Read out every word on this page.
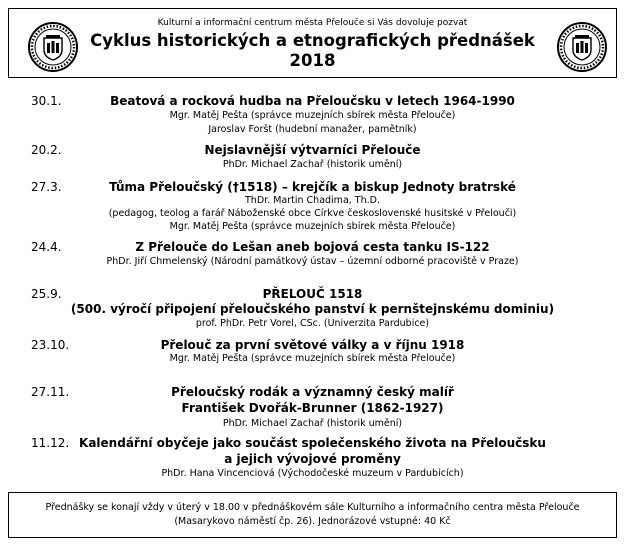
Kulturní a informační centrum města Přelouče si Vás dovoluje pozvat
Cyklus historických a etnografických přednášek
2018
30.1.	Beatová a rocková hudba na Přeloučsku v letech 1964-1990
Mgr. Matěj Pešta (správce muzejních sbírek města Přelouče)
Jaroslav Foršt (hudební manažer, pamětník)
20.2.	Nejslavnější výtvarníci Přelouče
PhDr. Michael Zachař (historik umění)
27.3.	Tůma Přeloučský (†1518) – krejčík a biskup Jednoty bratrské
ThDr. Martin Chadima, Th.D.
(pedagog, teolog a farář Náboženské obce Církve československé husitské v Přelouči)
Mgr. Matěj Pešta (správce muzejních sbírek města Přelouče)
24.4.	Z Přelouče do Lešan aneb bojová cesta tanku IS-122
PhDr. Jiří Chmelenský (Národní památkový ústav – územní odborné pracoviště v Praze)
25.9.	PŘELOUČ 1518
(500. výročí připojení přeloučského panství k pernštejnskému dominiu)
prof. PhDr. Petr Vorel, CSc. (Univerzita Pardubice)
23.10.	Přelouč za první světové války a v říjnu 1918
Mgr. Matěj Pešta (správce muzejních sbírek města Přelouče)
27.11.	Přeloučský rodák a významný český malíř
František Dvořák-Brunner (1862-1927)
PhDr. Michael Zachař (historik umění)
11.12. Kalendářní obyčeje jako součást společenského života na Přeloučsku
a jejich vývojové proměny
PhDr. Hana Vincenciová (Východočeské muzeum v Pardubicích)
Přednášky se konají vždy v úterý v 18.00 v přednáškovém sále Kulturního a informačního centra města Přelouče
(Masarykovo náměstí čp. 26). Jednorázové vstupné: 40 Kč
